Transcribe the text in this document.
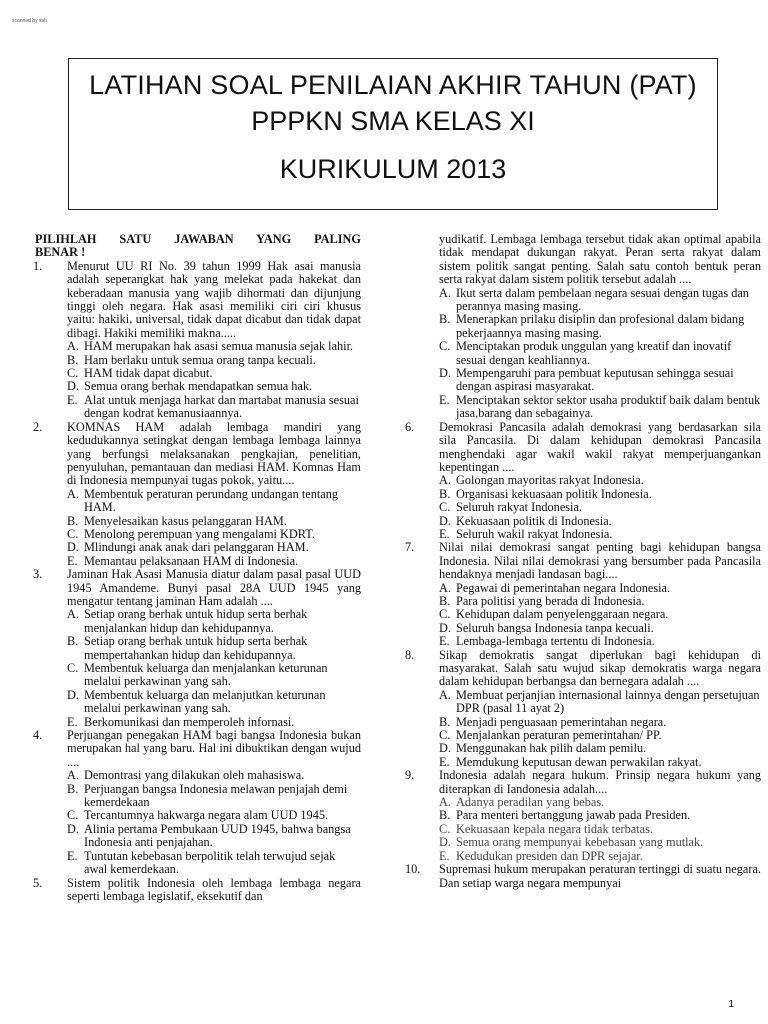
scanned by ssh
LATIHAN SOAL PENILAIAN AKHIR TAHUN (PAT)
PPPKN SMA KELAS XI
KURIKULUM 2013
PILIHLAH SATU JAWABAN YANG PALING
BENAR !
1.	Menurut UU RI No. 39 tahun 1999 Hak asai manusia adalah seperangkat hak yang melekat pada hakekat dan keberadaan manusia yang wajib dihormati dan dijunjung tinggi oleh negara. Hak asasi memiliki ciri ciri khusus yaitu: hakiki, universal, tidak dapat dicabut dan tidak dapat dibagi. Hakiki memiliki makna.....
A. HAM merupakan hak asasi semua manusia sejak lahir.
B. Ham berlaku untuk semua orang tanpa kecuali.
C. HAM tidak dapat dicabut.
D. Semua orang berhak mendapatkan semua hak.
E. Alat untuk menjaga harkat dan martabat manusia sesuai dengan kodrat kemanusiaannya.
2.	KOMNAS HAM adalah lembaga mandiri yang kedudukannya setingkat dengan lembaga lembaga lainnya yang berfungsi melaksanakan pengkajian, penelitian, penyuluhan, pemantauan dan mediasi HAM. Komnas Ham di Indonesia mempunyai tugas pokok, yaitu....
A. Membentuk peraturan perundang undangan tentang HAM.
B. Menyelesaikan kasus pelanggaran HAM.
C. Menolong perempuan yang mengalami KDRT.
D. Mlindungi anak anak dari pelanggaran HAM.
E. Memantau pelaksanaan HAM di Indonesia.
3.	Jaminan Hak Asasi Manusia diatur dalam pasal pasal UUD 1945 Amandeme. Bunyi pasal 28A UUD 1945 yang mengatur tentang jaminan Ham adalah ....
A. Setiap orang berhak untuk hidup serta berhak menjalankan hidup dan kehidupannya.
B. Setiap orang berhak untuk hidup serta berhak mempertahankan hidup dan kehidupannya.
C. Membentuk keluarga dan menjalankan keturunan melalui perkawinan yang sah.
D. Membentuk keluarga dan melanjutkan keturunan melalui perkawinan yang sah.
E. Berkomunikasi dan memperoleh infornasi.
4.	Perjuangan penegakan HAM bagi bangsa Indonesia bukan merupakan hal yang baru. Hal ini dibuktikan dengan wujud ....
A. Demontrasi yang dilakukan oleh mahasiswa.
B. Perjuangan bangsa Indonesia melawan penjajah demi kemerdekaan
C. Tercantumnya hakwarga negara alam UUD 1945.
D. Alinia pertama Pembukaan UUD 1945, bahwa bangsa Indonesia anti penjajahan.
E. Tuntutan kebebasan berpolitik telah terwujud sejak awal kemerdekaan.
5.	Sistem politik Indonesia oleh lembaga lembaga negara seperti lembaga legislatif, eksekutif dan
yudikatif. Lembaga lembaga tersebut tidak akan optimal apabila tidak mendapat dukungan rakyat. Peran serta rakyat dalam sistem politik sangat penting. Salah satu contoh bentuk peran serta rakyat dalam sistem politik tersebut adalah ....
A. Ikut serta dalam pembelaan negara sesuai dengan tugas dan perannya masing masing.
B. Menerapkan prilaku disiplin dan profesional dalam bidang pekerjaannya masing masing.
C. Menciptakan produk unggulan yang kreatif dan inovatif sesuai dengan keahliannya.
D. Mempengaruhi para pembuat keputusan sehingga sesuai dengan aspirasi masyarakat.
E. Menciptakan sektor sektor usaha produktif baik dalam bentuk jasa,barang dan sebagainya.
6.	Demokrasi Pancasila adalah demokrasi yang berdasarkan sila sila Pancasila. Di dalam kehidupan demokrasi Pancasila menghendaki agar wakil wakil rakyat memperjuangankan kepentingan ....
A. Golongan mayoritas rakyat Indonesia.
B. Organisasi kekuasaan politik Indonesia.
C. Seluruh rakyat Indonesia.
D. Kekuasaan politik di Indonesia.
E. Seluruh wakil rakyat Indonesia.
7.	Nilai nilai demokrasi sangat penting bagi kehidupan bangsa Indonesia. Nilai nilai demokrasi yang bersumber pada Pancasila hendaknya menjadi landasan bagi....
A. Pegawai di pemerintahan negara Indonesia.
B. Para politisi yang berada di Indonesia.
C. Kehidupan dalam penyelenggaraan negara.
D. Seluruh bangsa Indonesia tanpa kecuali.
E. Lembaga-lembaga tertentu di Indonesia.
8.	Sikap demokratis sangat diperlukan bagi kehidupan di masyarakat. Salah satu wujud sikap demokratis warga negara dalam kehidupan berbangsa dan bernegara adalah ....
A. Membuat perjanjian internasional lainnya dengan persetujuan DPR (pasal 11 ayat 2)
B. Menjadi penguasaan pemerintahan negara.
C. Menjalankan peraturan pemerintahan/ PP.
D. Menggunakan hak pilih dalam pemilu.
E. Memdukung keputusan dewan perwakilan rakyat.
9.	Indonesia adalah negara hukum. Prinsip negara hukum yang diterapkan di Iandonesia adalah....
A. Adanya peradilan yang bebas.
B. Para menteri bertanggung jawab pada Presiden.
C. Kekuasaan kepala negara tidak terbatas.
D. Semua orang mempunyai kebebasan yang mutlak.
E. Kedudukan presiden dan DPR sejajar.
10.	Supremasi hukum merupakan peraturan tertinggi di suatu negara. Dan setiap warga negara mempunyai
1
